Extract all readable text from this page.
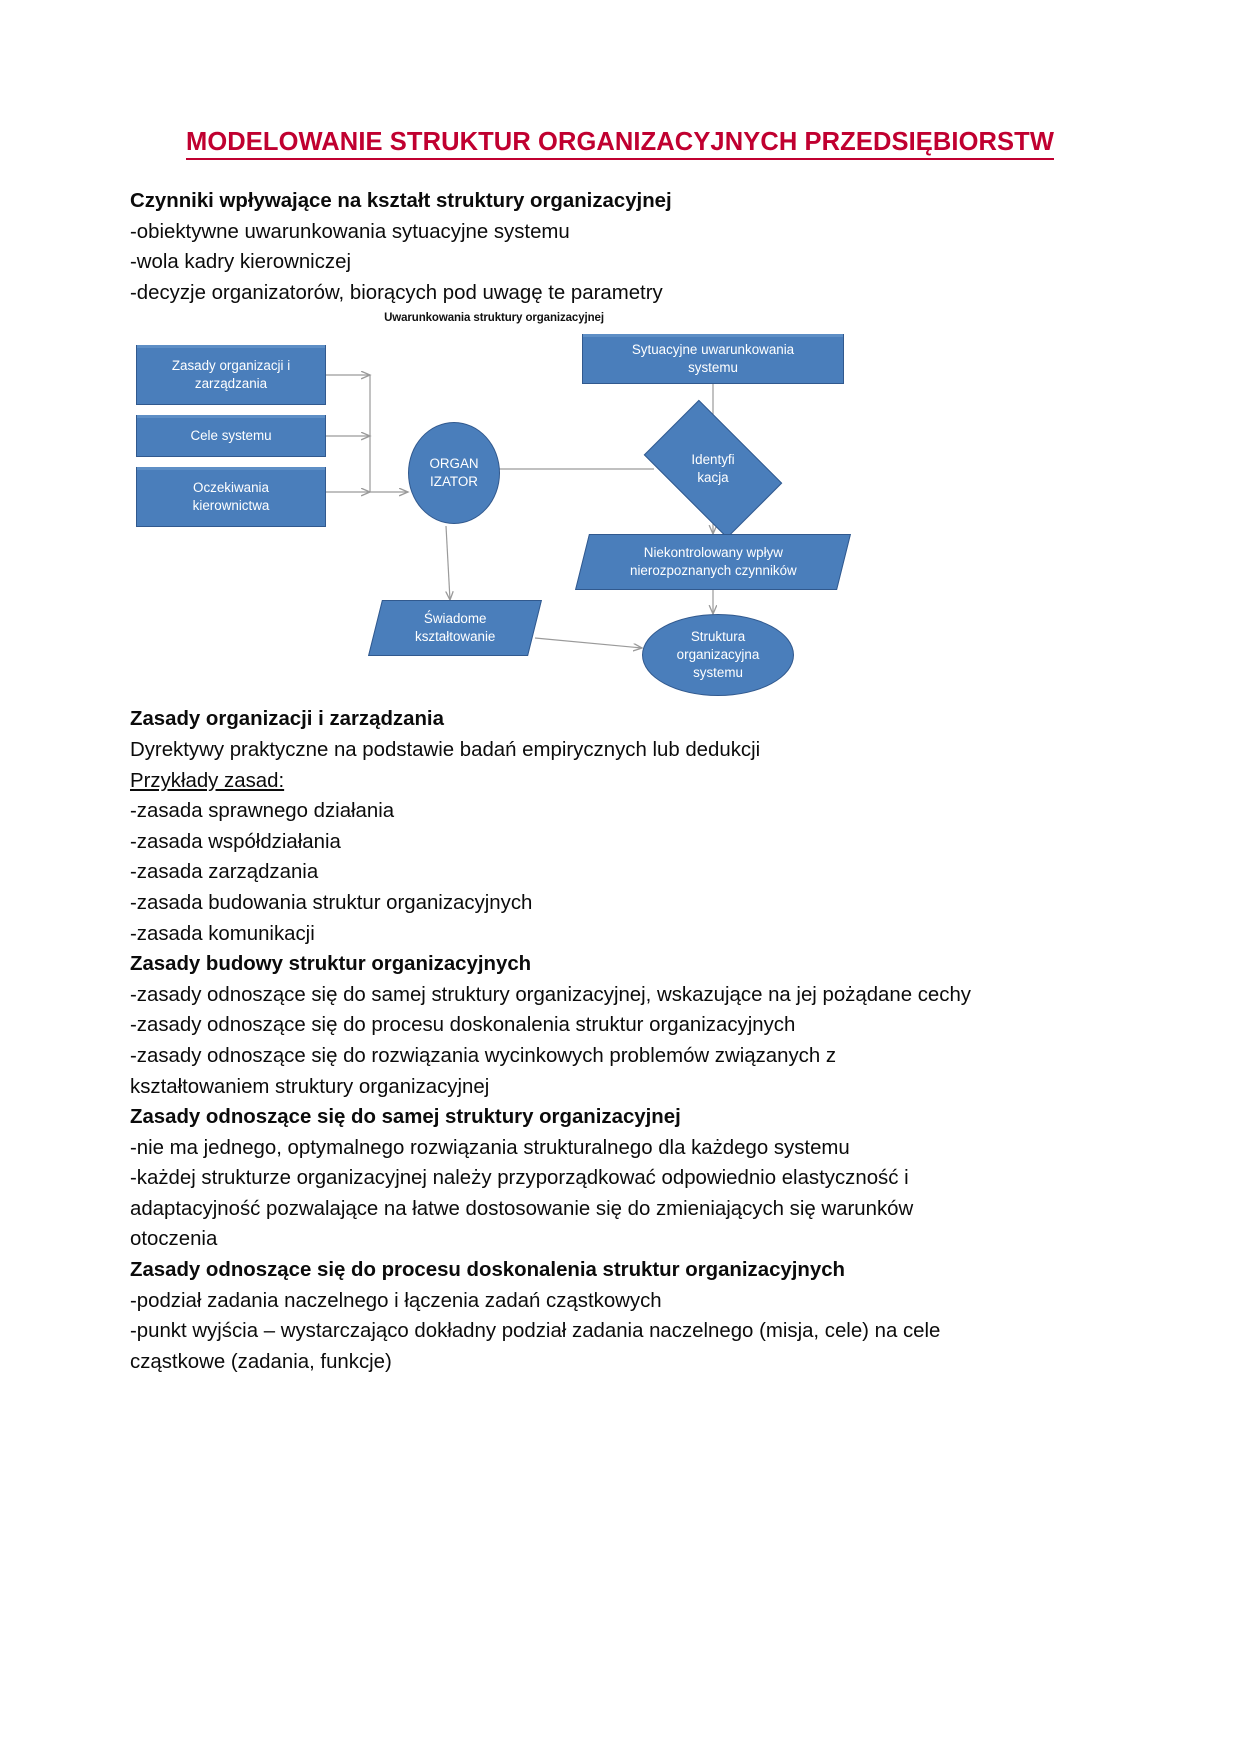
MODELOWANIE STRUKTUR ORGANIZACYJNYCH PRZEDSIĘBIORSTW
Czynniki wpływające na kształt struktury organizacyjnej
-obiektywne uwarunkowania sytuacyjne systemu
-wola kadry kierowniczej
-decyzje organizatorów, biorących pod uwagę te parametry
Uwarunkowania struktury organizacyjnej
Zasady organizacji i
zarządzania
Cele systemu
Oczekiwania
kierownictwa
ORGAN
IZATOR
Sytuacyjne uwarunkowania
systemu
Identyfi
kacja
Niekontrolowany wpływ
nierozpoznanych czynników
Świadome
kształtowanie	Struktura
organizacyjna
systemu
Zasady organizacji i zarządzania
Dyrektywy praktyczne na podstawie badań empirycznych lub dedukcji
Przykłady zasad:
-zasada sprawnego działania
-zasada współdziałania
-zasada zarządzania
-zasada budowania struktur organizacyjnych
-zasada komunikacji
Zasady budowy struktur organizacyjnych
-zasady odnoszące się do samej struktury organizacyjnej, wskazujące na jej pożądane cechy
-zasady odnoszące się do procesu doskonalenia struktur organizacyjnych
-zasady odnoszące się do rozwiązania wycinkowych problemów związanych z
kształtowaniem struktury organizacyjnej
Zasady odnoszące się do samej struktury organizacyjnej
-nie ma jednego, optymalnego rozwiązania strukturalnego dla każdego systemu
-każdej strukturze organizacyjnej należy przyporządkować odpowiednio elastyczność i
adaptacyjność pozwalające na łatwe dostosowanie się do zmieniających się warunków
otoczenia
Zasady odnoszące się do procesu doskonalenia struktur organizacyjnych
-podział zadania naczelnego i łączenia zadań cząstkowych
-punkt wyjścia – wystarczająco dokładny podział zadania naczelnego (misja, cele) na cele
cząstkowe (zadania, funkcje)
